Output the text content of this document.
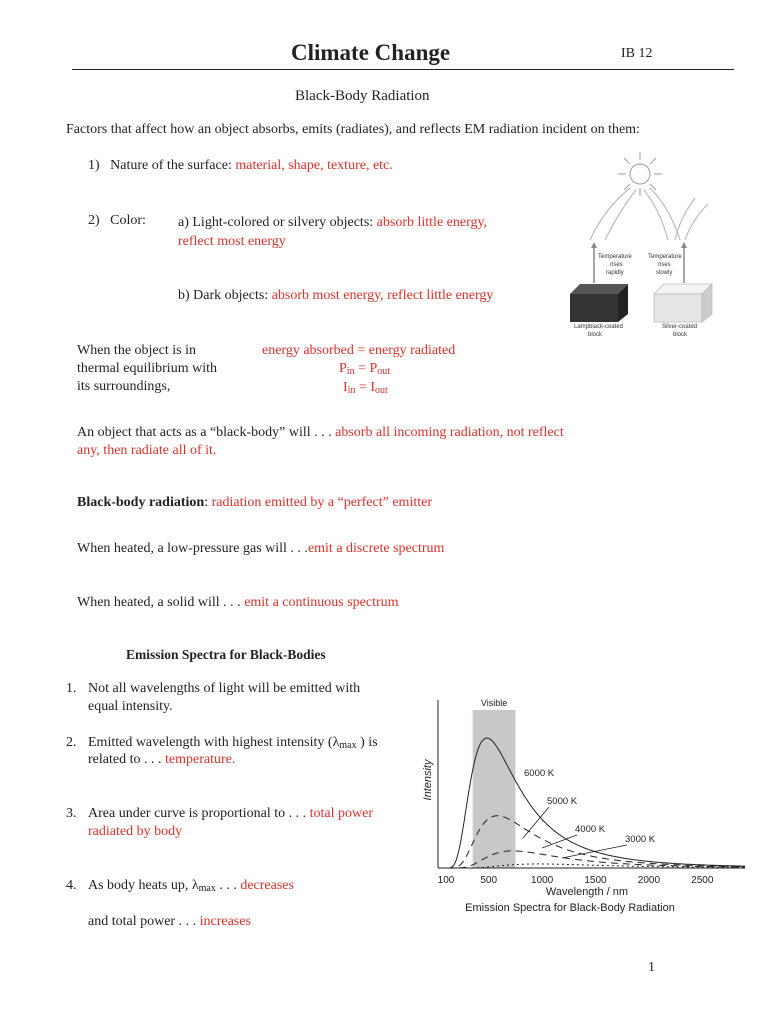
Climate Change	IB 12
Black-Body Radiation
Factors that affect how an object absorbs, emits (radiates), and reflects EM radiation incident on them:
1) Nature of the surface: material, shape, texture, etc.
2) Color: a) Light-colored or silvery objects: absorb little energy,
reflect most energy
b) Dark objects: absorb most energy, reflect little energy
Temperature
rises
rapidly
Temperature
rises
slowly
Lampblack-coated
block
Silver-coated
block
When the object is in
thermal equilibrium with
its surroundings,
energy absorbed = energy radiated
$P_{in} = P_{out}$
$I_{in} = I_{out}$
An object that acts as a “black-body” will . . . absorb all incoming radiation, not reflect
any, then radiate all of it.
Black-body radiation: radiation emitted by a “perfect” emitter
When heated, a low-pressure gas will . . .emit a discrete spectrum
When heated, a solid will . . . emit a continuous spectrum
Emission Spectra for Black-Bodies
1. Not all wavelengths of light will be emitted with
equal intensity.
2. Emitted wavelength with highest intensity ($\lambda_{max}$ ) is
related to . . . temperature.
3. Area under curve is proportional to . . . total power
radiated by body
4. As body heats up, $\lambda_{max}$ . . . decreases
and total power . . . increases
Visible
Intensity
100	500	1000	1500	2000	2500
Wavelength / nm
6000 K
5000 K
4000 K
3000 K
Emission Spectra for Black-Body Radiation
1
